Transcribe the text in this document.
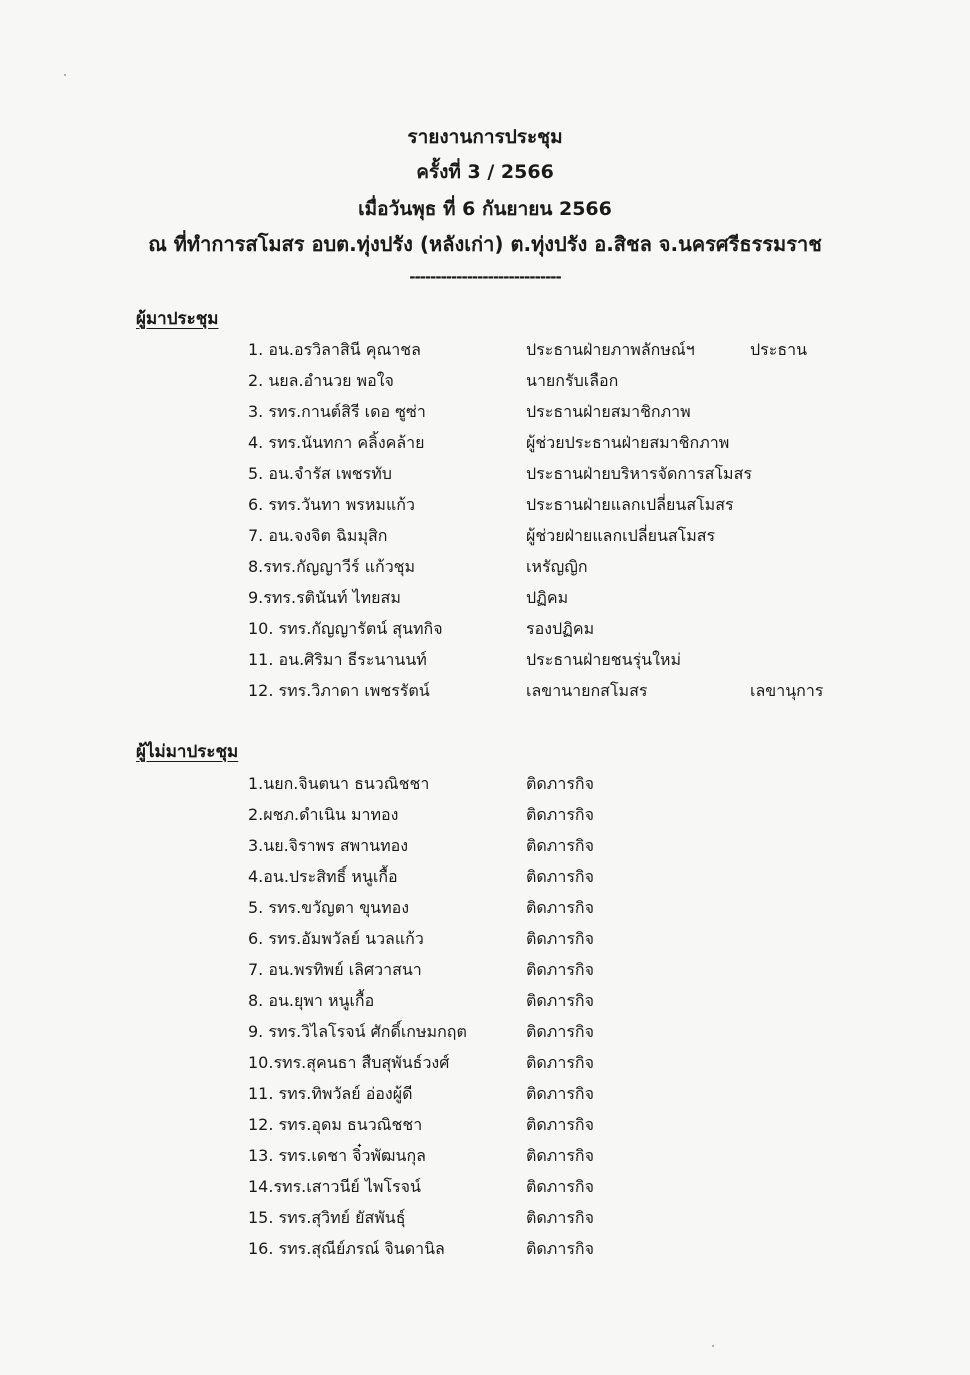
รายงานการประชุม
ครั้งที่ 3 / 2566
เมื่อวันพุธ ที่ 6 กันยายน 2566
ณ ที่ทำการสโมสร อบต.ทุ่งปรัง (หลังเก่า) ต.ทุ่งปรัง อ.สิชล จ.นครศรีธรรมราช
-----------------------------
ผู้มาประชุม
1. อน.อรวิลาสินี คุณาชล	ประธานฝ่ายภาพลักษณ์ฯ	ประธาน
2. นยล.อำนวย พอใจ	นายกรับเลือก
3. รทร.กานต์สิรี เดอ ซูซ่า	ประธานฝ่ายสมาชิกภาพ
4. รทร.นันทกา คลิ้งคล้าย	ผู้ช่วยประธานฝ่ายสมาชิกภาพ
5. อน.จำรัส เพชรทับ	ประธานฝ่ายบริหารจัดการสโมสร
6. รทร.วันทา พรหมแก้ว	ประธานฝ่ายแลกเปลี่ยนสโมสร
7. อน.จงจิต ฉิมมุสิก	ผู้ช่วยฝ่ายแลกเปลี่ยนสโมสร
8.รทร.กัญญาวีร์ แก้วชุม	เหรัญญิก
9.รทร.รตินันท์ ไทยสม	ปฏิคม
10. รทร.กัญญารัตน์ สุนทกิจ	รองปฏิคม
11. อน.ศิริมา ธีระนานนท์	ประธานฝ่ายชนรุ่นใหม่
12. รทร.วิภาดา เพชรรัตน์	เลขานายกสโมสร	เลขานุการ
ผู้ไม่มาประชุม
1.นยก.จินตนา ธนวณิชชา	ติดภารกิจ
2.ผชภ.ดำเนิน มาทอง	ติดภารกิจ
3.นย.จิราพร สพานทอง	ติดภารกิจ
4.อน.ประสิทธิ์ หนูเกื้อ	ติดภารกิจ
5. รทร.ขวัญตา ขุนทอง	ติดภารกิจ
6. รทร.อัมพวัลย์ นวลแก้ว	ติดภารกิจ
7. อน.พรทิพย์ เลิศวาสนา	ติดภารกิจ
8. อน.ยุพา หนูเกื้อ	ติดภารกิจ
9. รทร.วิไลโรจน์ ศักดิ์เกษมกฤต	ติดภารกิจ
10.รทร.สุคนธา สืบสุพันธ์วงศ์	ติดภารกิจ
11. รทร.ทิพวัลย์ อ่องผู้ดี	ติดภารกิจ
12. รทร.อุดม ธนวณิชชา	ติดภารกิจ
13. รทร.เดชา จิ๋วพัฒนกุล	ติดภารกิจ
14.รทร.เสาวนีย์ ไพโรจน์	ติดภารกิจ
15. รทร.สุวิทย์ ยัสพันธุ์	ติดภารกิจ
16. รทร.สุณีย์ภรณ์ จินดานิล	ติดภารกิจ
